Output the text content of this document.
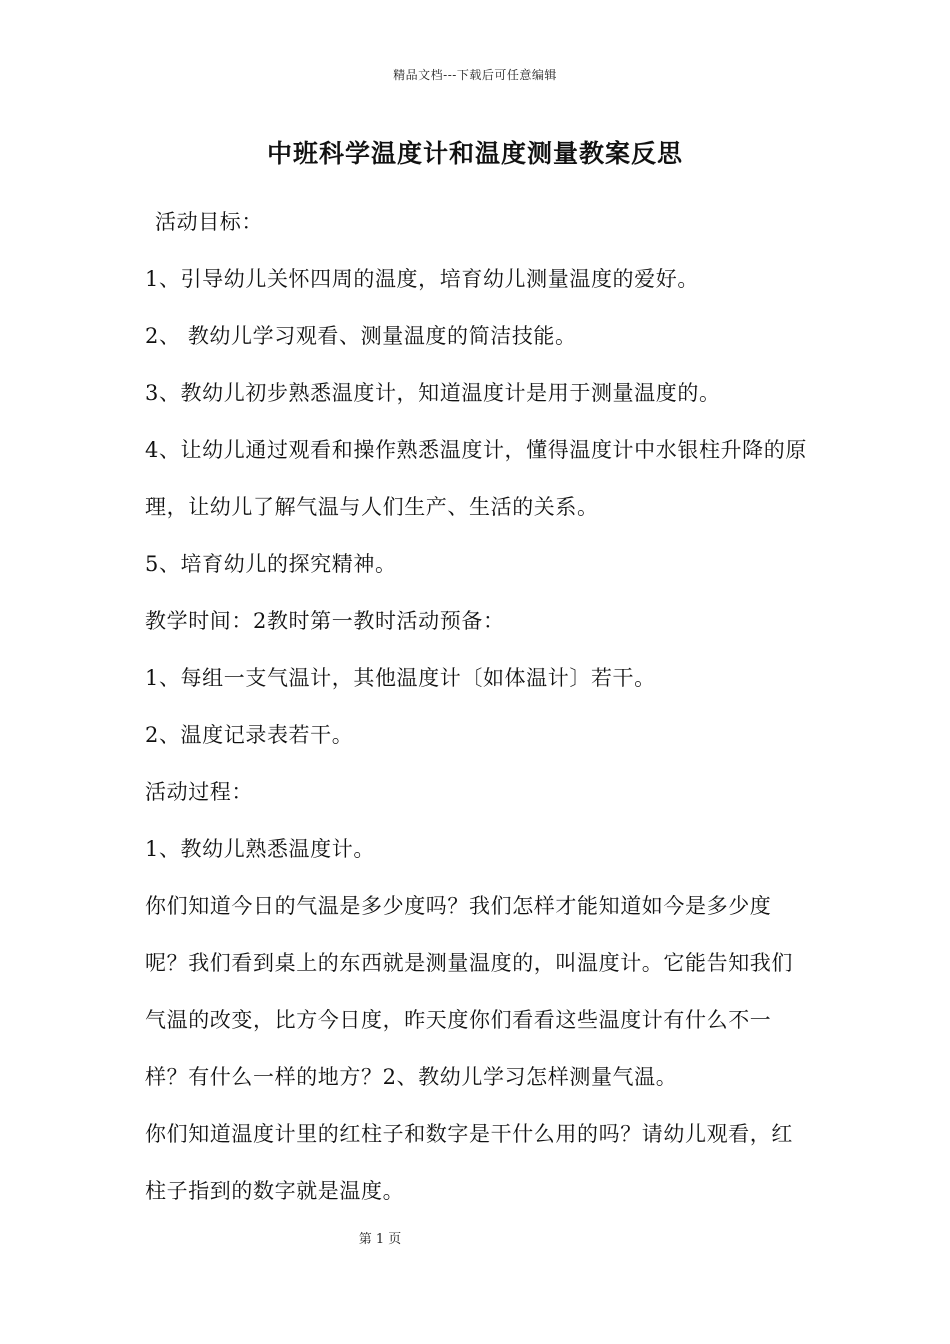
精品文档---下载后可任意编辑
中班科学温度计和温度测量教案反思

活动目标：

1、引导幼儿关怀四周的温度，培育幼儿测量温度的爱好。

2、 教幼儿学习观看、测量温度的简洁技能。

3、教幼儿初步熟悉温度计，知道温度计是用于测量温度的。

4、让幼儿通过观看和操作熟悉温度计，懂得温度计中水银柱升降的原理，让幼儿了解气温与人们生产、生活的关系。

5、培育幼儿的探究精神。

教学时间：2教时第一教时活动预备：

1、每组一支气温计，其他温度计〔如体温计〕若干。

2、温度记录表若干。

活动过程：

1、教幼儿熟悉温度计。

你们知道今日的气温是多少度吗？我们怎样才能知道如今是多少度呢？我们看到桌上的东西就是测量温度的，叫温度计。它能告知我们气温的改变，比方今日度，昨天度你们看看这些温度计有什么不一样？有什么一样的地方？2、教幼儿学习怎样测量气温。

你们知道温度计里的红柱子和数字是干什么用的吗？请幼儿观看，红柱子指到的数字就是温度。

第 1 页
